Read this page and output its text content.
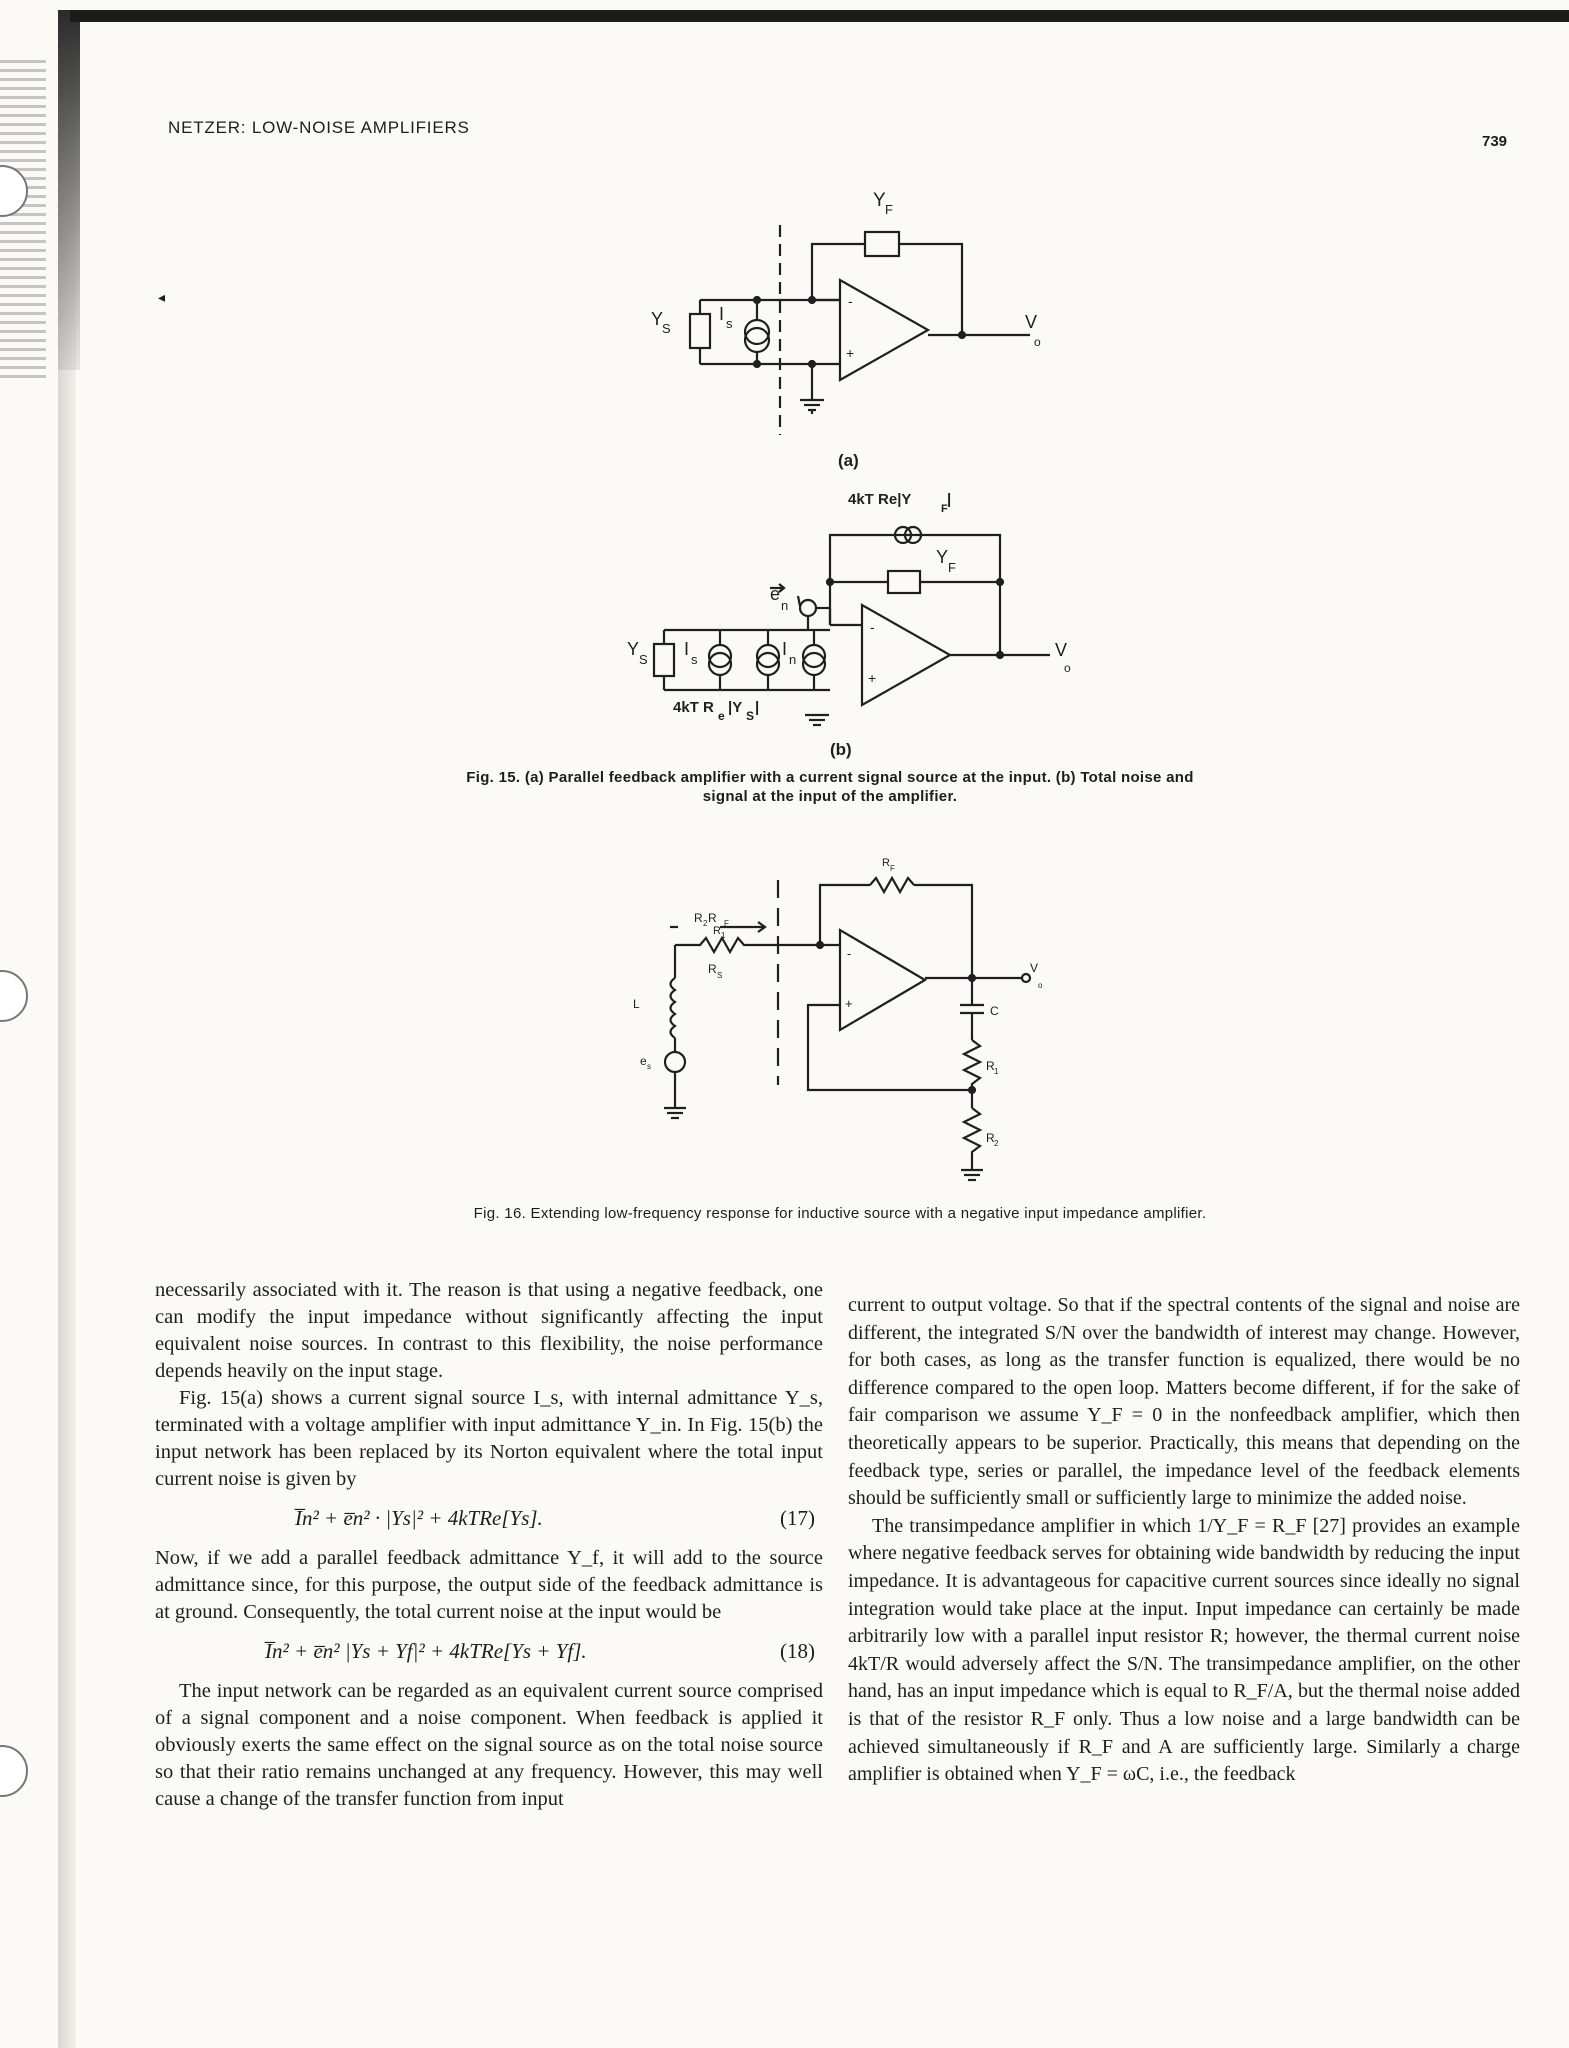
NETZER: LOW-NOISE AMPLIFIERS
739
◂
Y F
Y
S
I s	V
o
-
+
(a)
4kT Re|Y
F
|
Y
F
e
n
Y
S
I
s
I
n
4kT R e |Y S |
V
o
-
+
(b)
R F
R 2 R F
R 1
R S
L
e s
V
o
C
R 1
R 2
-
+
Fig. 15. (a) Parallel feedback amplifier with a current signal source at the input. (b) Total noise and signal at the input of the amplifier.
Fig. 16. Extending low-frequency response for inductive source with a negative input impedance amplifier.

necessarily associated with it. The reason is that using a negative feedback, one can modify the input impedance without significantly affecting the input equivalent noise sources. In contrast to this flexibility, the noise performance depends heavily on the input stage.

Fig. 15(a) shows a current signal source I_s, with internal admittance Y_s, terminated with a voltage amplifier with input admittance Y_in. In Fig. 15(b) the input network has been replaced by its Norton equivalent where the total input current noise is given by

I̅n² + e̅n² · |Ys|² + 4kTRe[Ys].	(17)

Now, if we add a parallel feedback admittance Y_f, it will add to the source admittance since, for this purpose, the output side of the feedback admittance is at ground. Consequently, the total current noise at the input would be

I̅n² + e̅n² |Ys + Yf|² + 4kTRe[Ys + Yf].	(18)

The input network can be regarded as an equivalent current source comprised of a signal component and a noise component. When feedback is applied it obviously exerts the same effect on the signal source as on the total noise source so that their ratio remains unchanged at any frequency. However, this may well cause a change of the transfer function from input

current to output voltage. So that if the spectral contents of the signal and noise are different, the integrated S/N over the bandwidth of interest may change. However, for both cases, as long as the transfer function is equalized, there would be no difference compared to the open loop. Matters become different, if for the sake of fair comparison we assume Y_F = 0 in the nonfeedback amplifier, which then theoretically appears to be superior. Practically, this means that depending on the feedback type, series or parallel, the impedance level of the feedback elements should be sufficiently small or sufficiently large to minimize the added noise.

The transimpedance amplifier in which 1/Y_F = R_F [27] provides an example where negative feedback serves for obtaining wide bandwidth by reducing the input impedance. It is advantageous for capacitive current sources since ideally no signal integration would take place at the input. Input impedance can certainly be made arbitrarily low with a parallel input resistor R; however, the thermal current noise 4kT/R would adversely affect the S/N. The transimpedance amplifier, on the other hand, has an input impedance which is equal to R_F/A, but the thermal noise added is that of the resistor R_F only. Thus a low noise and a large bandwidth can be achieved simultaneously if R_F and A are sufficiently large. Similarly a charge amplifier is obtained when Y_F = ωC, i.e., the feedback
